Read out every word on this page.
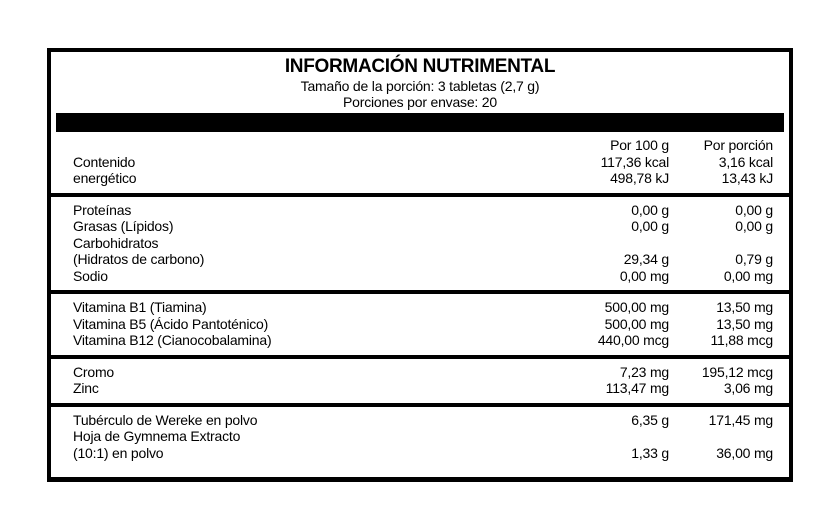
INFORMACIÓN NUTRIMENTAL
Tamaño de la porción: 3 tabletas (2,7 g)
Porciones por envase: 20
Por 100 g	Por porción
Contenido	117,36 kcal	3,16 kcal
energético	498,78 kJ	13,43 kJ
Proteínas	0,00 g	0,00 g
Grasas (Lípidos)	0,00 g	0,00 g
Carbohidratos
(Hidratos de carbono)	29,34 g	0,79 g
Sodio	0,00 mg	0,00 mg
Vitamina B1 (Tiamina)	500,00 mg	13,50 mg
Vitamina B5 (Ácido Pantoténico)	500,00 mg	13,50 mg
Vitamina B12 (Cianocobalamina)	440,00 mcg	11,88 mcg
Cromo	7,23 mg	195,12 mcg
Zinc	113,47 mg	3,06 mg
Tubérculo de Wereke en polvo	6,35 g	171,45 mg
Hoja de Gymnema Extracto
(10:1) en polvo	1,33 g	36,00 mg
